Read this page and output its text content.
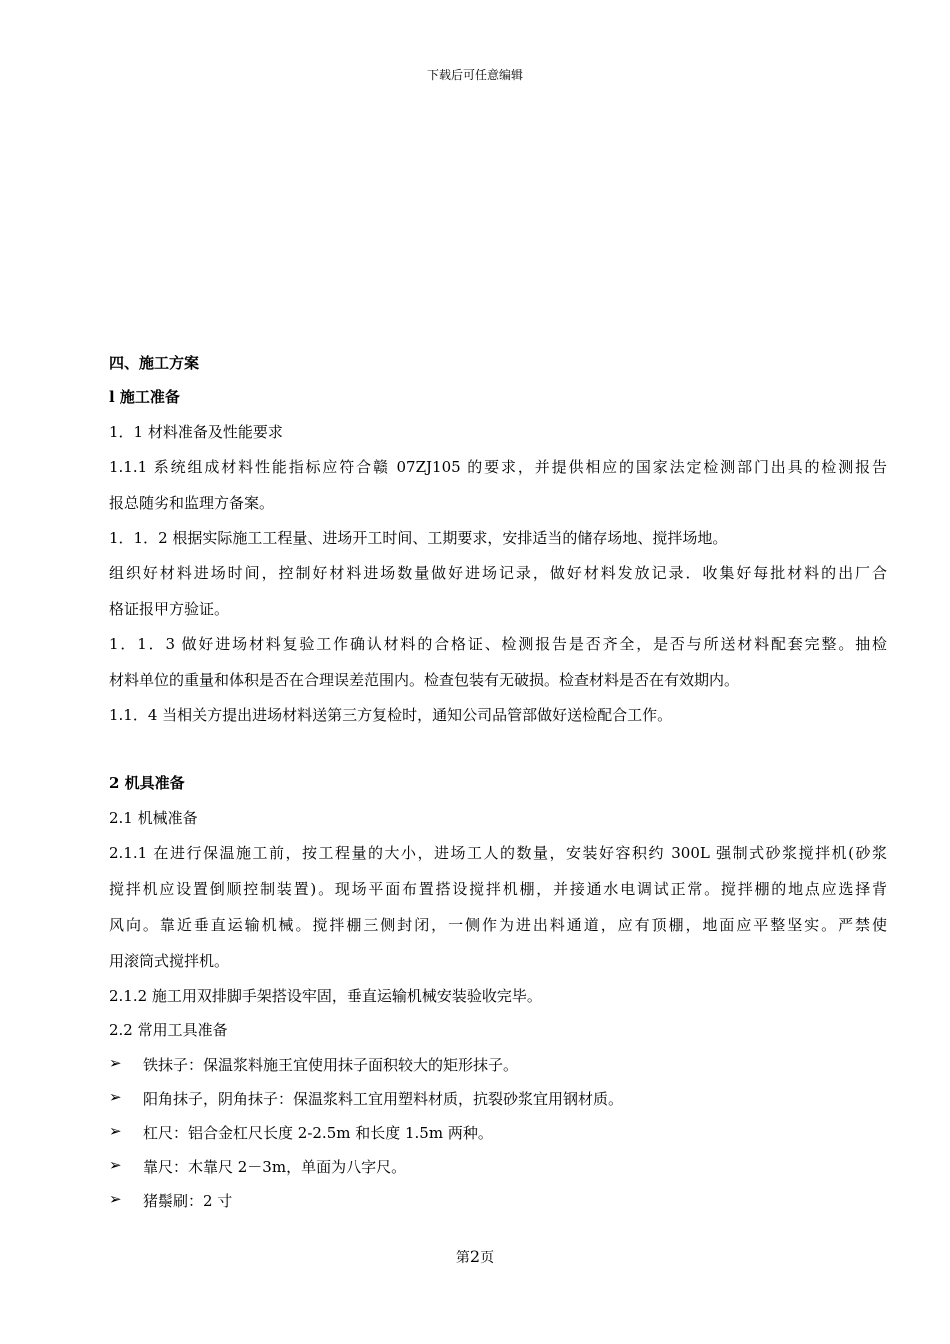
下载后可任意编辑
四、施工方案
l 施工准备
1．1 材料准备及性能要求
1.1.1 系统组成材料性能指标应符合赣 07ZJ105 的要求，并提供相应的国家法定检测部门出具的检测报告
报总随劣和监理方备案。
1．1．2 根据实际施工工程量、进场开工时间、工期要求，安排适当的储存场地、搅拌场地。
组织好材料进场时间，控制好材料进场数量做好进场记录，做好材料发放记录．收集好每批材料的出厂合
格证报甲方验证。
1．1．3 做好进场材料复验工作确认材料的合格证、检测报告是否齐全，是否与所送材料配套完整。抽检
材料单位的重量和体积是否在合理误差范围内。检查包装有无破损。检查材料是否在有效期内。
1.1．4 当相关方提出进场材料送第三方复检时，通知公司品管部做好送检配合工作。
2 机具准备
2.1 机械准备
2.1.1 在进行保温施工前，按工程量的大小，进场工人的数量，安装好容积约 300L 强制式砂浆搅拌机(砂浆
搅拌机应设置倒顺控制装置)。现场平面布置搭设搅拌机棚，并接通水电调试正常。搅拌棚的地点应选择背
风向。靠近垂直运输机械。搅拌棚三侧封闭，一侧作为进出料通道，应有顶棚，地面应平整坚实。严禁使
用滚筒式搅拌机。
2.1.2 施工用双排脚手架搭设牢固，垂直运输机械安装验收完毕。
2.2 常用工具准备
➢	铁抹子：保温浆料施王宜使用抹子面积较大的矩形抹子。
➢	阳角抹子，阴角抹子：保温浆料工宜用塑料材质，抗裂砂浆宜用钢材质。
➢	杠尺：铝合金杠尺长度 2-2.5m 和长度 1.5m 两种。
➢	靠尺：木靠尺 2－3m，单面为八字尺。
➢	猪鬃刷：2 寸
第2页
